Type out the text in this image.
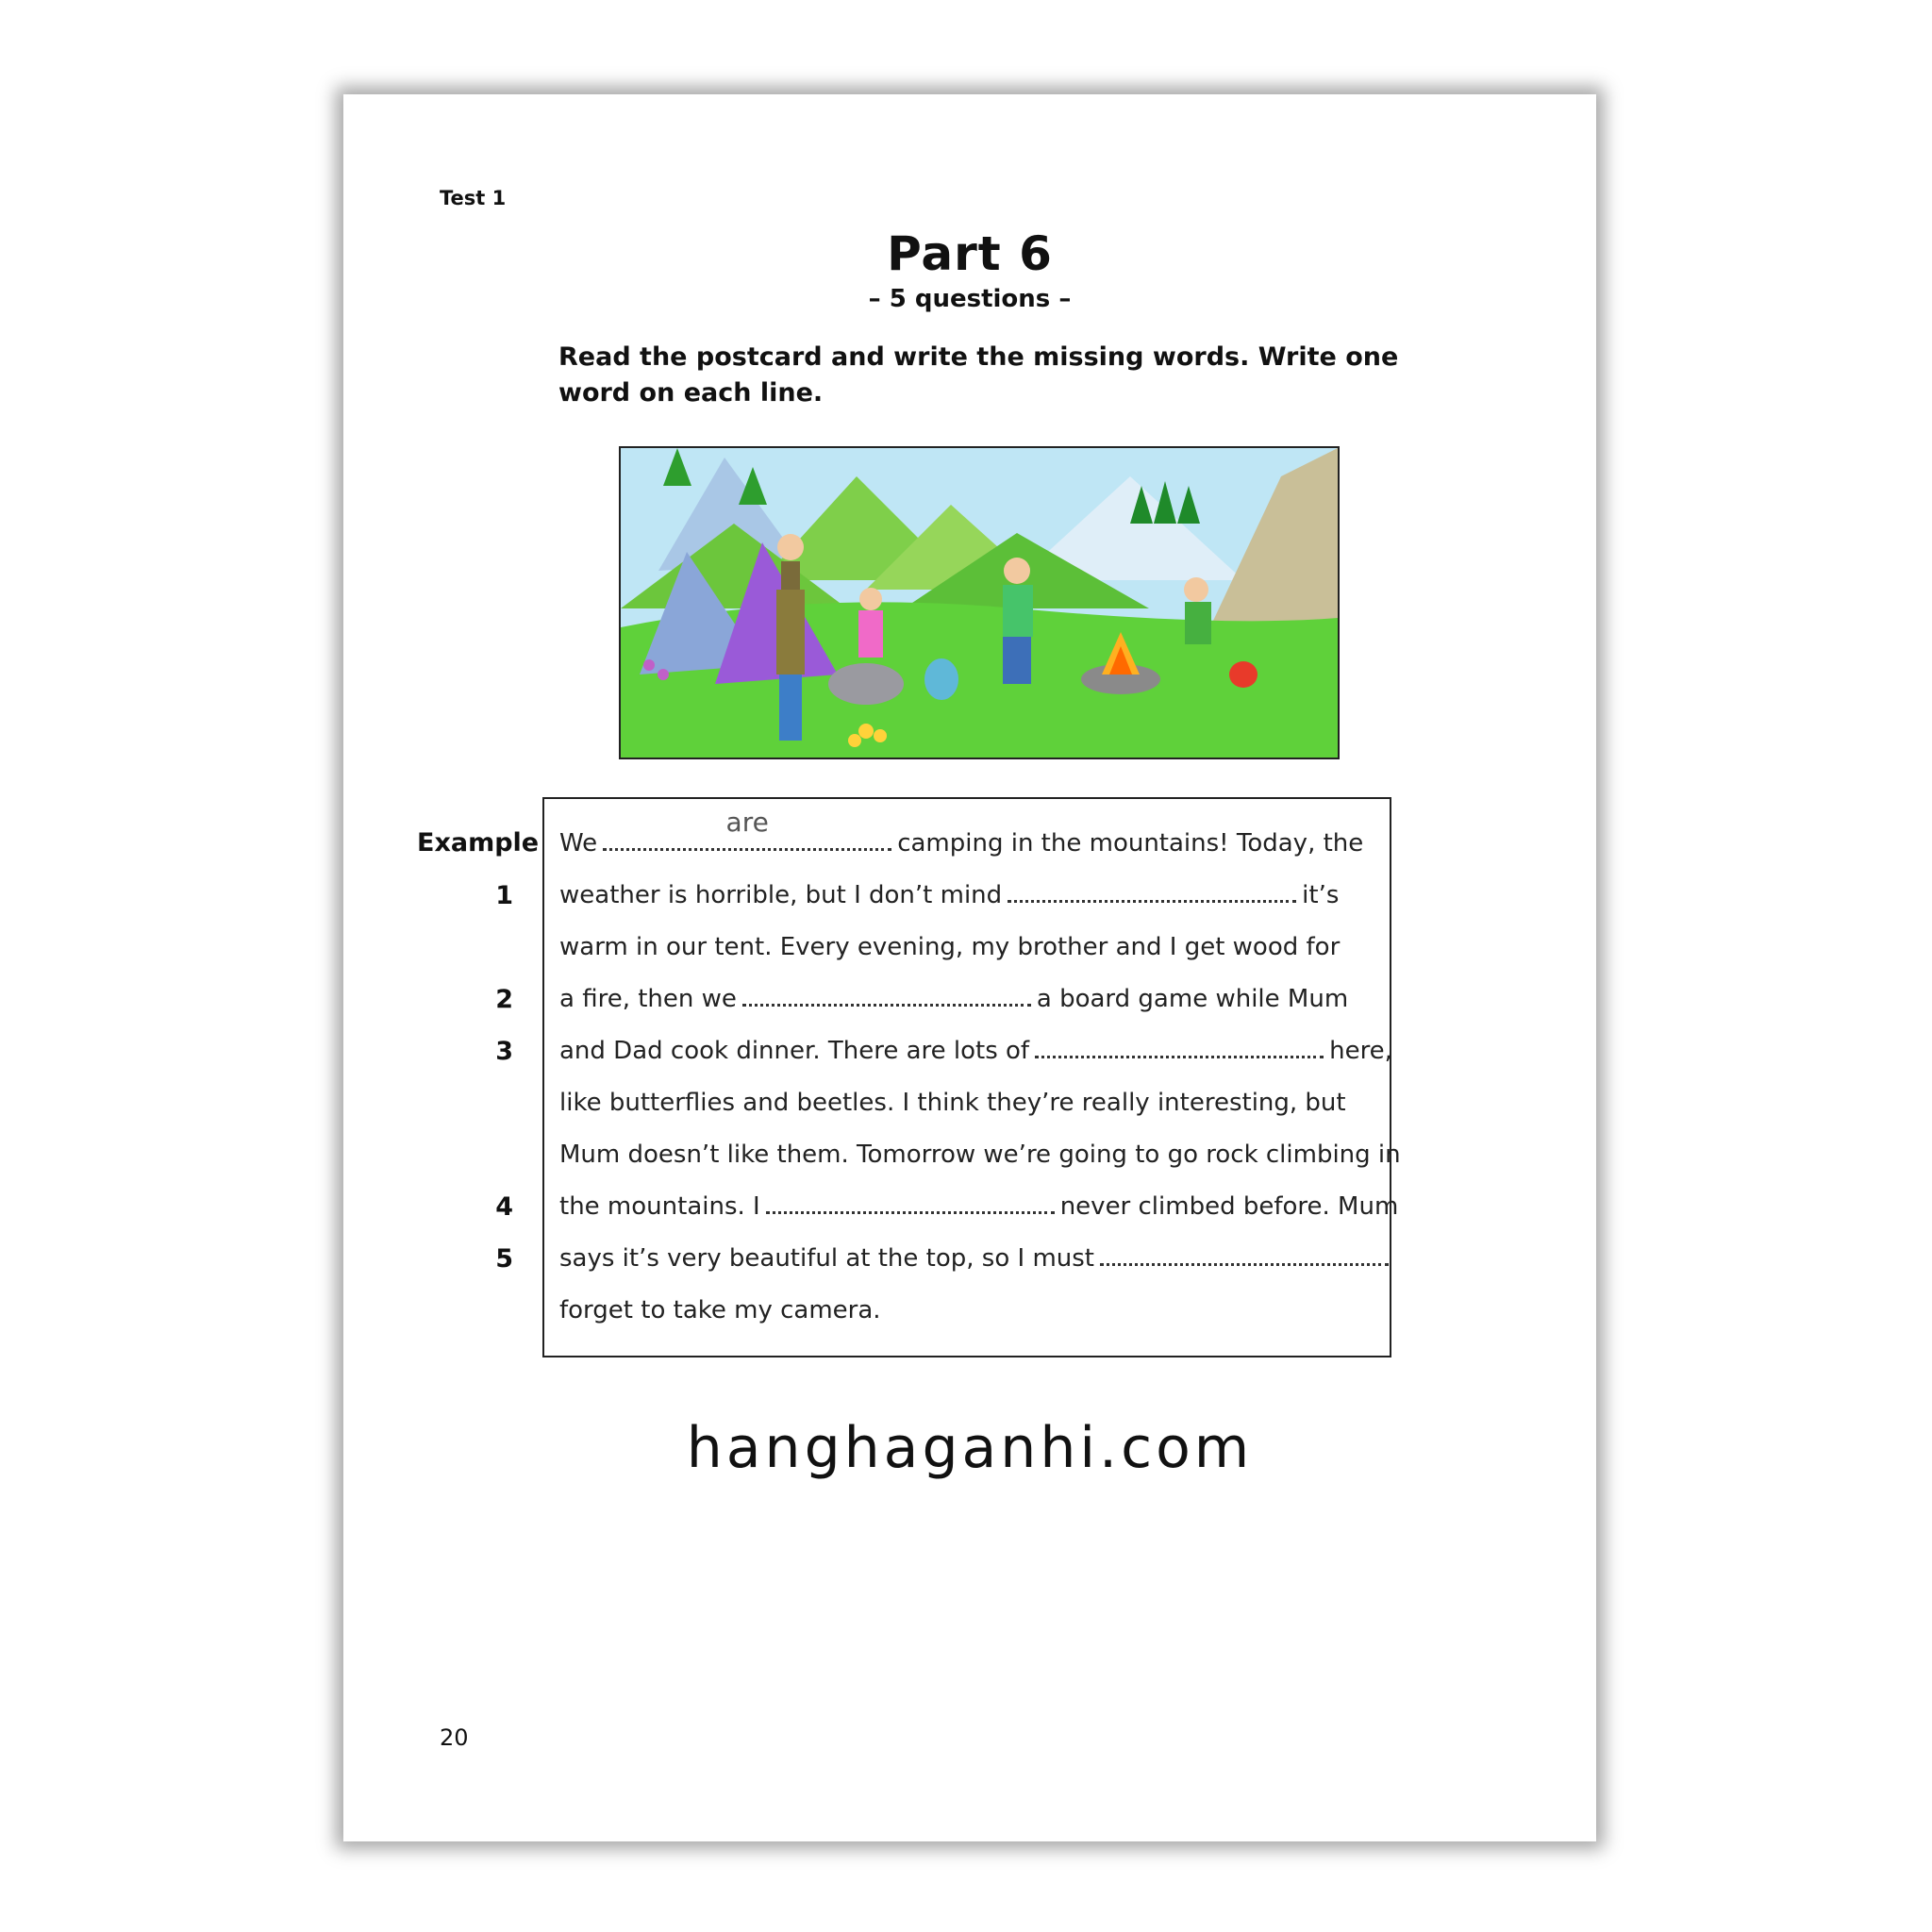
Test 1
Part 6
– 5 questions –
Read the postcard and write the missing words. Write one word on each line.
Example
1
2
3
4
5
We
are
camping in the mountains! Today, the
weather is horrible, but I don’t mind	it’s
warm in our tent. Every evening, my brother and I get wood for
a fire, then we	a board game while Mum
and Dad cook dinner. There are lots of	here,
like butterflies and beetles. I think they’re really interesting, but
Mum doesn’t like them. Tomorrow we’re going to go rock climbing in
the mountains. I	never climbed before. Mum
says it’s very beautiful at the top, so I must
forget to take my camera.
hanghaganhi.com
20
